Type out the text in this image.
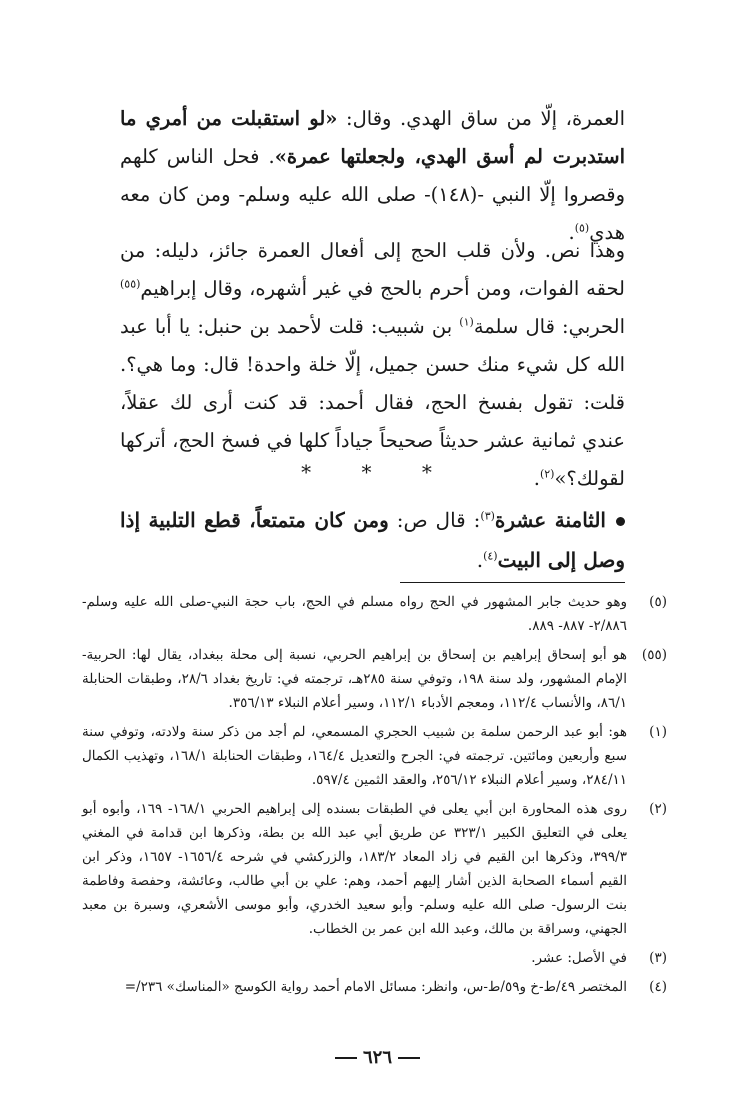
العمرة، إلّا من ساق الهدي. وقال: «لو استقبلت من أمري ما استدبرت لم أسق الهدي، ولجعلتها عمرة». فحل الناس كلهم وقصروا إلّا النبي -(١٤٨)- صلى الله عليه وسلم- ومن كان معه هدي$^{(٥)}$.

وهذا نص. ولأن قلب الحج إلى أفعال العمرة جائز، دليله: من لحقه الفوات، ومن أحرم بالحج في غير أشهره، وقال إبراهيم$^{(٥٥)}$ الحربي: قال سلمة$^{(١)}$ بن شبيب: قلت لأحمد بن حنبل: يا أبا عبد الله كل شيء منك حسن جميل، إلّا خلة واحدة! قال: وما هي؟. قلت: تقول بفسخ الحج، فقال أحمد: قد كنت أرى لك عقلاً، عندي ثمانية عشر حديثاً صحيحاً جياداً كلها في فسخ الحج، أتركها لقولك؟»$^{(٢)}$.

* * *
الثامنة عشرة$^{(٣)}$: قال ص: ومن كان متمتعاً، قطع التلبية إذا وصل إلى البيت$^{(٤)}$.
(٥)
وهو حديث جابر المشهور في الحج رواه مسلم في الحج، باب حجة النبي-صلى الله عليه وسلم- ٢/٨٨٦- ٨٨٧- ٨٨٩.
(٥٥)
هو أبو إسحاق إبراهيم بن إسحاق بن إبراهيم الحربي، نسبة إلى محلة ببغداد، يقال لها: الحربية- الإمام المشهور، ولد سنة ١٩٨، وتوفي سنة ٢٨٥هـ، ترجمته في: تاريخ بغداد ٢٨/٦، وطبقات الحنابلة ٨٦/١، والأنساب ١١٢/٤، ومعجم الأدباء ١١٢/١، وسير أعلام النبلاء ٣٥٦/١٣.
(١)
هو: أبو عبد الرحمن سلمة بن شبيب الحجري المسمعي، لم أجد من ذكر سنة ولادته، وتوفي سنة سبع وأربعين ومائتين. ترجمته في: الجرح والتعديل ١٦٤/٤، وطبقات الحنابلة ١٦٨/١، وتهذيب الكمال ٢٨٤/١١، وسير أعلام النبلاء ٢٥٦/١٢، والعقد الثمين ٥٩٧/٤.
(٢)
روى هذه المحاورة ابن أبي يعلى في الطبقات بسنده إلى إبراهيم الحربي ١٦٨/١- ١٦٩، وأبوه أبو يعلى في التعليق الكبير ٣٢٣/١ عن طريق أبي عبد الله بن بطة، وذكرها ابن قدامة في المغني ٣٩٩/٣، وذكرها ابن القيم في زاد المعاد ١٨٣/٢، والزركشي في شرحه ١٦٥٦/٤- ١٦٥٧، وذكر ابن القيم أسماء الصحابة الذين أشار إليهم أحمد، وهم: علي بن أبي طالب، وعائشة، وحفصة وفاطمة بنت الرسول- صلى الله عليه وسلم- وأبو سعيد الخدري، وأبو موسى الأشعري، وسبرة بن معبد الجهني، وسراقة بن مالك، وعبد الله ابن عمر بن الخطاب.
(٣)
في الأصل: عشر.
(٤)
المختصر ٤٩/ط-خ و٥٩/ط-س، وانظر: مسائل الامام أحمد رواية الكوسج «المناسك» ٢٣٦/=
٦٢٦
